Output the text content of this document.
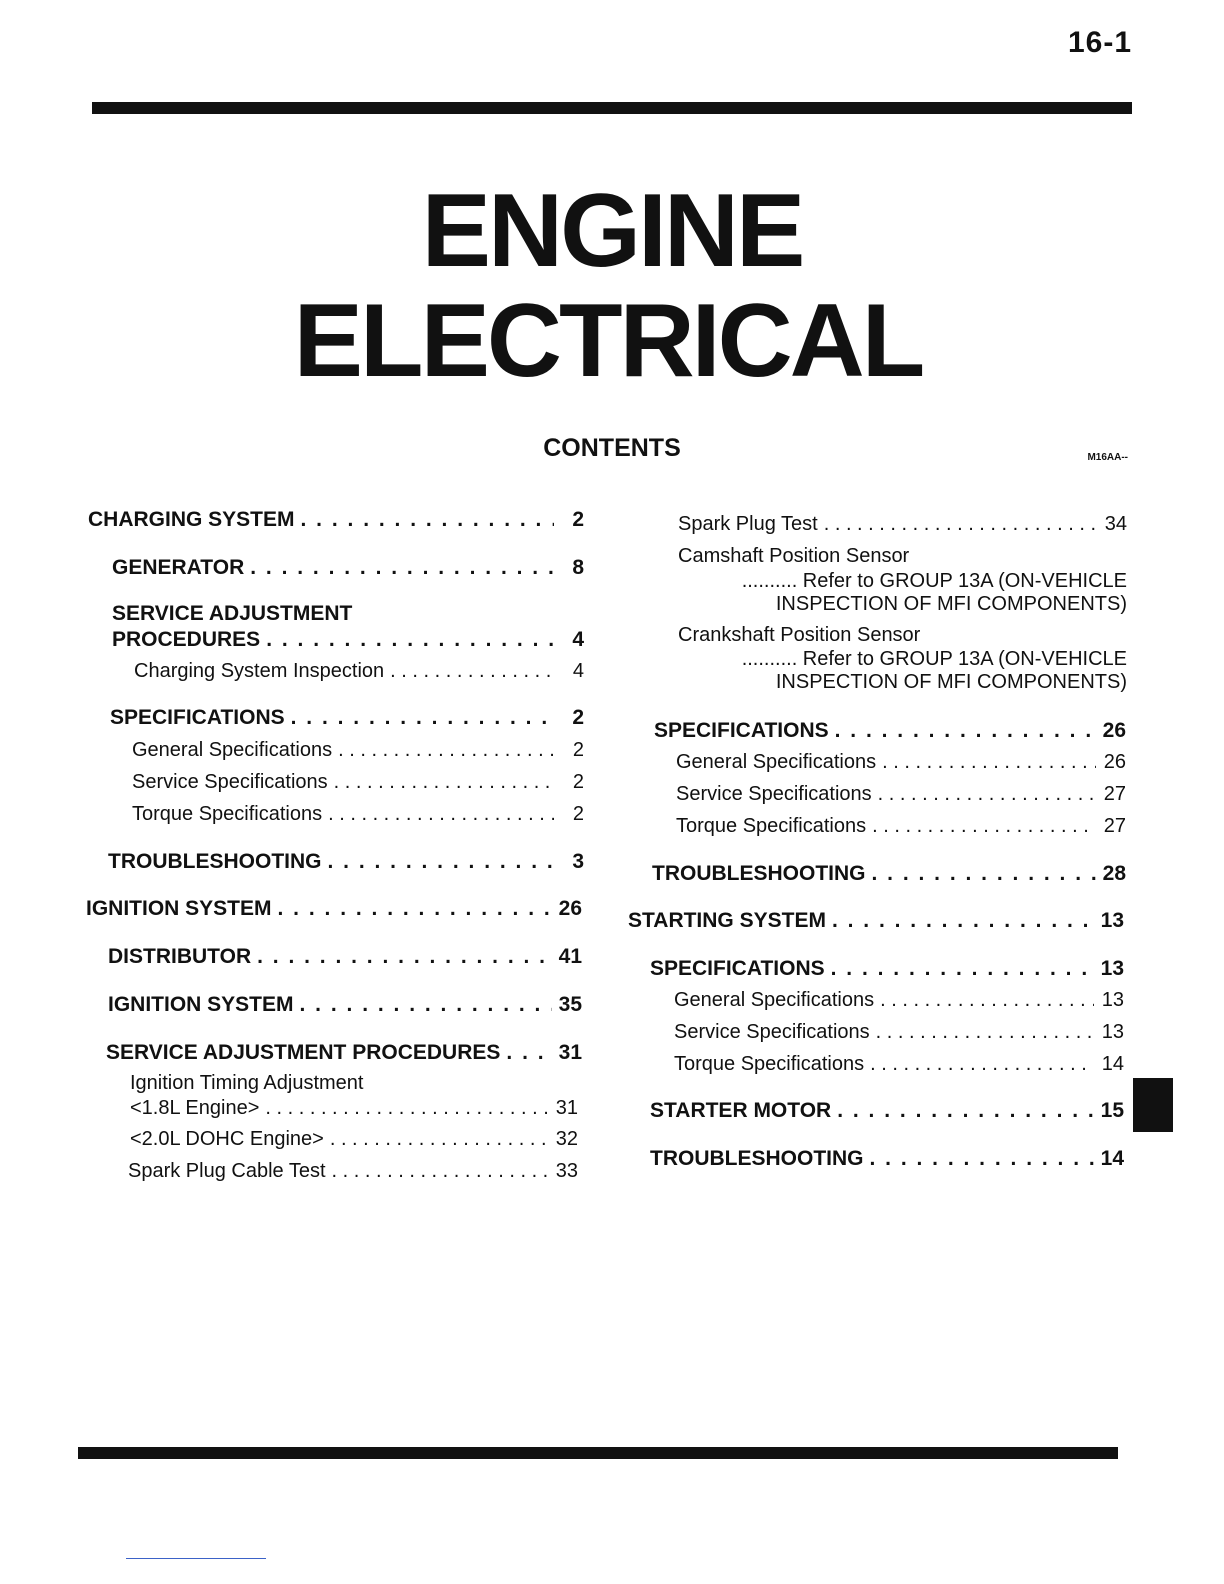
16-1
ENGINE
ELECTRICAL
CONTENTS	M16AA--
CHARGING SYSTEM . . .	2
GENERATOR . . .	8
SERVICE ADJUSTMENT
PROCEDURES . . .	4
Charging System Inspection . . .	4
SPECIFICATIONS . . .	2
General Specifications . . .	2
Service Specifications . . .	2
Torque Specifications . . .	2
TROUBLESHOOTING . . .	3
IGNITION SYSTEM . . .	26
DISTRIBUTOR . . .	41
IGNITION SYSTEM . . .	35
SERVICE ADJUSTMENT PROCEDURES . . .	31
Ignition Timing Adjustment
<1.8L Engine> . . .	31
<2.0L DOHC Engine> . . .	32
Spark Plug Cable Test . . .	33
Spark Plug Test . . .	34
Camshaft Position Sensor
.......... Refer to GROUP 13A (ON-VEHICLE
INSPECTION OF MFI COMPONENTS)
Crankshaft Position Sensor
.......... Refer to GROUP 13A (ON-VEHICLE
INSPECTION OF MFI COMPONENTS)
SPECIFICATIONS . . .	26
General Specifications . . .	26
Service Specifications . . .	27
Torque Specifications . . .	27
TROUBLESHOOTING . . .	28
STARTING SYSTEM . . .	13
SPECIFICATIONS . . .	13
General Specifications . . .	13
Service Specifications . . .	13
Torque Specifications . . .	14
STARTER MOTOR . . .	15
TROUBLESHOOTING . . .	14
